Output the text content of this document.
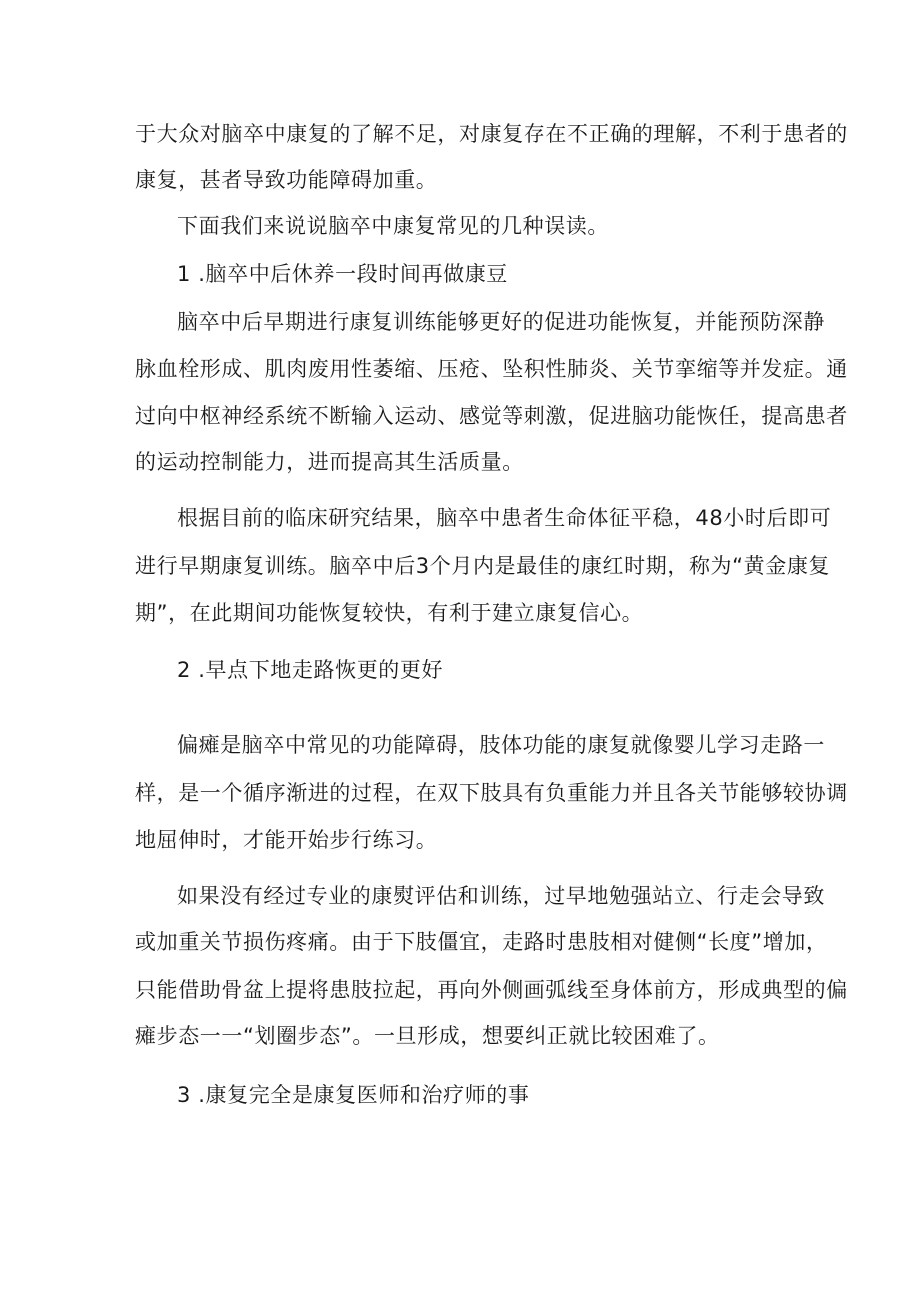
于大众对脑卒中康复的了解不足，对康复存在不正确的理解，不利于患者的
康复，甚者导致功能障碍加重。
下面我们来说说脑卒中康复常见的几种误读。
1 .脑卒中后休养一段时间再做康豆
脑卒中后早期进行康复训练能够更好的促进功能恢复，并能预防深静
脉血栓形成、肌肉废用性萎缩、压疮、坠积性肺炎、关节挛缩等并发症。通
过向中枢神经系统不断输入运动、感觉等刺激，促进脑功能恢任，提高患者
的运动控制能力，进而提高其生活质量。
根据目前的临床研究结果，脑卒中患者生命体征平稳，48小时后即可
进行早期康复训练。脑卒中后3个月内是最佳的康红时期，称为“黄金康复
期”，在此期间功能恢复较快，有利于建立康复信心。
2 .早点下地走路恢更的更好
偏瘫是脑卒中常见的功能障碍，肢体功能的康复就像婴儿学习走路一
样，是一个循序渐进的过程，在双下肢具有负重能力并且各关节能够较协调
地屈伸时，才能开始步行练习。
如果没有经过专业的康熨评估和训练，过早地勉强站立、行走会导致
或加重关节损伤疼痛。由于下肢僵宜，走路时患肢相对健侧“长度”增加，
只能借助骨盆上提将患肢拉起，再向外侧画弧线至身体前方，形成典型的偏
瘫步态一一“划圈步态”。一旦形成，想要纠正就比较困难了。
3 .康复完全是康复医师和治疗师的事
